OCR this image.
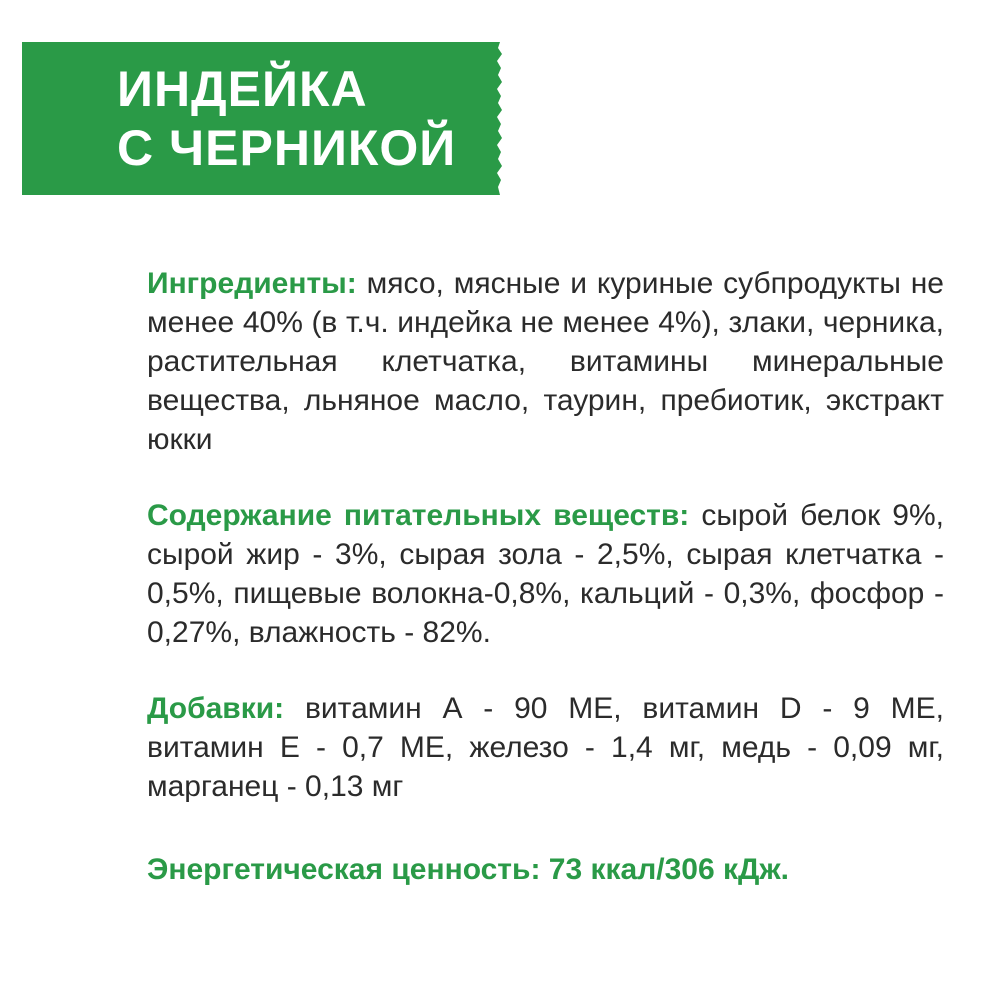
ИНДЕЙКА
С ЧЕРНИКОЙ

Ингредиенты: мясо, мясные и куриные субпродукты не менее 40% (в т.ч. индейка не менее 4%), злаки, черника, растительная клетчатка, витамины минеральные вещества, льняное масло, таурин, пребиотик, экстракт юкки

Содержание питательных веществ: сырой белок 9%, сырой жир - 3%, сырая зола - 2,5%, сырая клетчатка - 0,5%, пищевые волокна-0,8%, кальций - 0,3%, фосфор - 0,27%, влажность - 82%.

Добавки: витамин А - 90 МЕ, витамин D - 9 МЕ, витамин Е - 0,7 МЕ, железо - 1,4 мг, медь - 0,09 мг, марганец - 0,13 мг

Энергетическая ценность: 73 ккал/306 кДж.
